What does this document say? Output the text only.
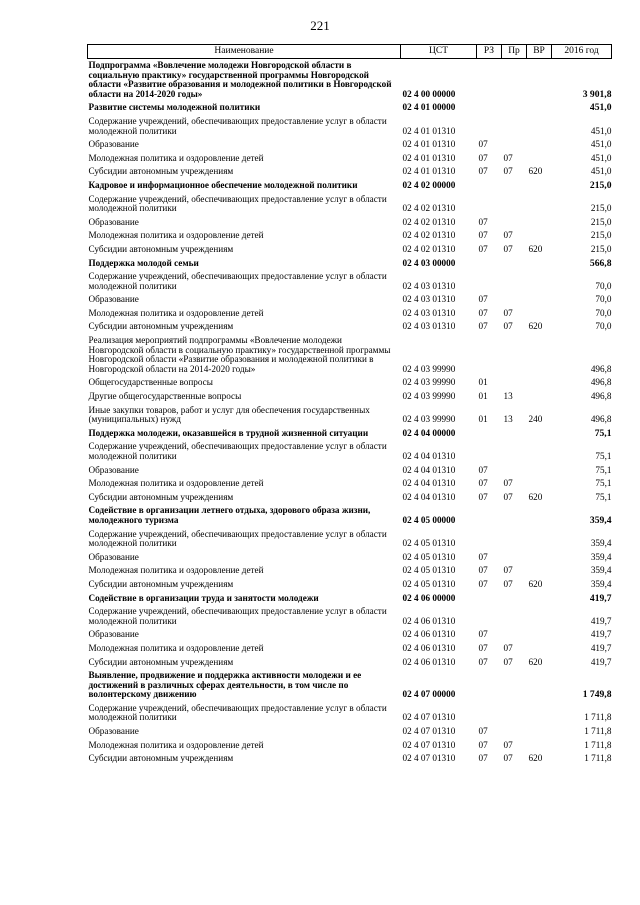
221
Наименование	ЦСТ	РЗ	Пр	ВР	2016 год
Подпрограмма «Вовлечение молодежи Новгородской области в социальную практику» государственной программы Новгородской области «Развитие образования и молодежной политики в Новгородской области на 2014-2020 годы»	02 4 00 00000				3 901,8
Развитие системы молодежной политики	02 4 01 00000				451,0
Содержание учреждений, обеспечивающих предоставление услуг в области молодежной политики	02 4 01 01310				451,0
Образование	02 4 01 01310	07			451,0
Молодежная политика и оздоровление детей	02 4 01 01310	07	07		451,0
Субсидии автономным учреждениям	02 4 01 01310	07	07	620	451,0
Кадровое и информационное обеспечение молодежной политики	02 4 02 00000				215,0
Содержание учреждений, обеспечивающих предоставление услуг в области молодежной политики	02 4 02 01310				215,0
Образование	02 4 02 01310	07			215,0
Молодежная политика и оздоровление детей	02 4 02 01310	07	07		215,0
Субсидии автономным учреждениям	02 4 02 01310	07	07	620	215,0
Поддержка молодой семьи	02 4 03 00000				566,8
Содержание учреждений, обеспечивающих предоставление услуг в области молодежной политики	02 4 03 01310				70,0
Образование	02 4 03 01310	07			70,0
Молодежная политика и оздоровление детей	02 4 03 01310	07	07		70,0
Субсидии автономным учреждениям	02 4 03 01310	07	07	620	70,0
Реализация мероприятий подпрограммы «Вовлечение молодежи Новгородской области в социальную практику» государственной программы Новгородской области «Развитие образования и молодежной политики в Новгородской области на 2014-2020 годы»	02 4 03 99990				496,8
Общегосударственные вопросы	02 4 03 99990	01			496,8
Другие общегосударственные вопросы	02 4 03 99990	01	13		496,8
Иные закупки товаров, работ и услуг для обеспечения государственных (муниципальных) нужд	02 4 03 99990	01	13	240	496,8
Поддержка молодежи, оказавшейся в трудной жизненной ситуации	02 4 04 00000				75,1
Содержание учреждений, обеспечивающих предоставление услуг в области молодежной политики	02 4 04 01310				75,1
Образование	02 4 04 01310	07			75,1
Молодежная политика и оздоровление детей	02 4 04 01310	07	07		75,1
Субсидии автономным учреждениям	02 4 04 01310	07	07	620	75,1
Содействие в организации летнего отдыха, здорового образа жизни, молодежного туризма	02 4 05 00000				359,4
Содержание учреждений, обеспечивающих предоставление услуг в области молодежной политики	02 4 05 01310				359,4
Образование	02 4 05 01310	07			359,4
Молодежная политика и оздоровление детей	02 4 05 01310	07	07		359,4
Субсидии автономным учреждениям	02 4 05 01310	07	07	620	359,4
Содействие в организации труда и занятости молодежи	02 4 06 00000				419,7
Содержание учреждений, обеспечивающих предоставление услуг в области молодежной политики	02 4 06 01310				419,7
Образование	02 4 06 01310	07			419,7
Молодежная политика и оздоровление детей	02 4 06 01310	07	07		419,7
Субсидии автономным учреждениям	02 4 06 01310	07	07	620	419,7
Выявление, продвижение и поддержка активности молодежи и ее достижений в различных сферах деятельности, в том числе по волонтерскому движению	02 4 07 00000				1 749,8
Содержание учреждений, обеспечивающих предоставление услуг в области молодежной политики	02 4 07 01310				1 711,8
Образование	02 4 07 01310	07			1 711,8
Молодежная политика и оздоровление детей	02 4 07 01310	07	07		1 711,8
Субсидии автономным учреждениям	02 4 07 01310	07	07	620	1 711,8
